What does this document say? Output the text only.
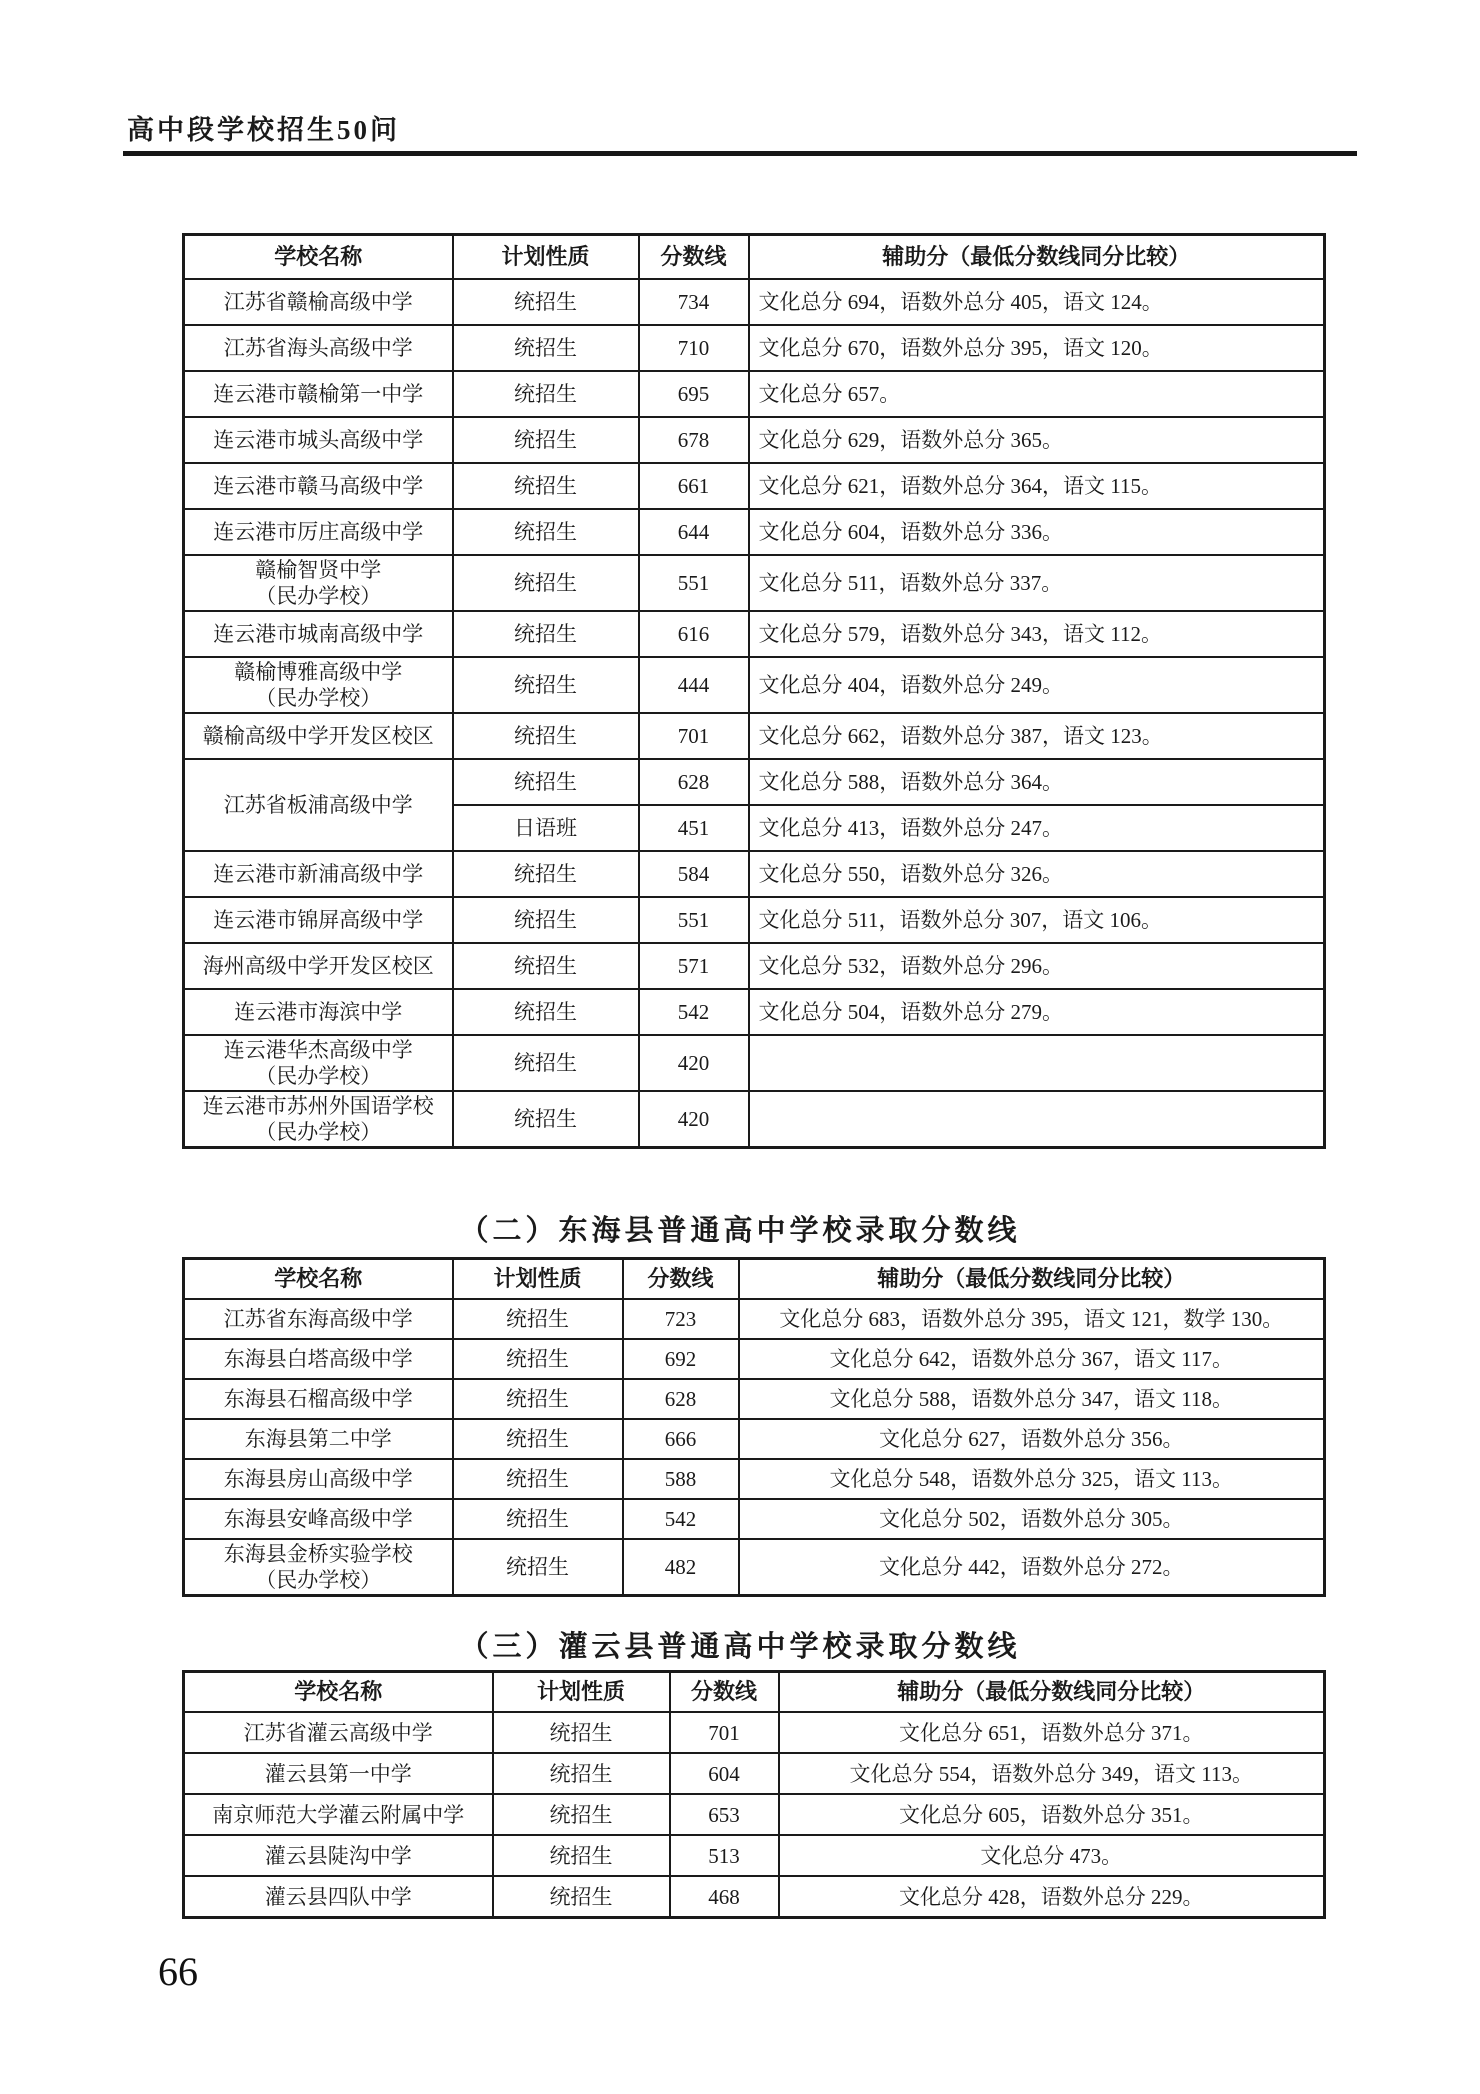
高中段学校招生50问
学校名称	计划性质	分数线	辅助分（最低分数线同分比较）
江苏省赣榆高级中学	统招生	734	文化总分 694，语数外总分 405，语文 124。
江苏省海头高级中学	统招生	710	文化总分 670，语数外总分 395，语文 120。
连云港市赣榆第一中学	统招生	695	文化总分 657。
连云港市城头高级中学	统招生	678	文化总分 629，语数外总分 365。
连云港市赣马高级中学	统招生	661	文化总分 621，语数外总分 364，语文 115。
连云港市厉庄高级中学	统招生	644	文化总分 604，语数外总分 336。
赣榆智贤中学
（民办学校）	统招生	551	文化总分 511，语数外总分 337。
连云港市城南高级中学	统招生	616	文化总分 579，语数外总分 343，语文 112。
赣榆博雅高级中学
（民办学校）	统招生	444	文化总分 404，语数外总分 249。
赣榆高级中学开发区校区	统招生	701	文化总分 662，语数外总分 387，语文 123。
江苏省板浦高级中学	统招生	628	文化总分 588，语数外总分 364。
	日语班	451	文化总分 413，语数外总分 247。
连云港市新浦高级中学	统招生	584	文化总分 550，语数外总分 326。
连云港市锦屏高级中学	统招生	551	文化总分 511，语数外总分 307，语文 106。
海州高级中学开发区校区	统招生	571	文化总分 532，语数外总分 296。
连云港市海滨中学	统招生	542	文化总分 504，语数外总分 279。
连云港华杰高级中学
（民办学校）	统招生	420	
连云港市苏州外国语学校
（民办学校）	统招生	420	
（二）东海县普通高中学校录取分数线
学校名称	计划性质	分数线	辅助分（最低分数线同分比较）
江苏省东海高级中学	统招生	723	文化总分 683，语数外总分 395，语文 121，数学 130。
东海县白塔高级中学	统招生	692	文化总分 642，语数外总分 367，语文 117。
东海县石榴高级中学	统招生	628	文化总分 588，语数外总分 347，语文 118。
东海县第二中学	统招生	666	文化总分 627，语数外总分 356。
东海县房山高级中学	统招生	588	文化总分 548，语数外总分 325，语文 113。
东海县安峰高级中学	统招生	542	文化总分 502，语数外总分 305。
东海县金桥实验学校
（民办学校）	统招生	482	文化总分 442，语数外总分 272。
（三）灌云县普通高中学校录取分数线
学校名称	计划性质	分数线	辅助分（最低分数线同分比较）
江苏省灌云高级中学	统招生	701	文化总分 651，语数外总分 371。
灌云县第一中学	统招生	604	文化总分 554，语数外总分 349，语文 113。
南京师范大学灌云附属中学	统招生	653	文化总分 605，语数外总分 351。
灌云县陡沟中学	统招生	513	文化总分 473。
灌云县四队中学	统招生	468	文化总分 428，语数外总分 229。
66
